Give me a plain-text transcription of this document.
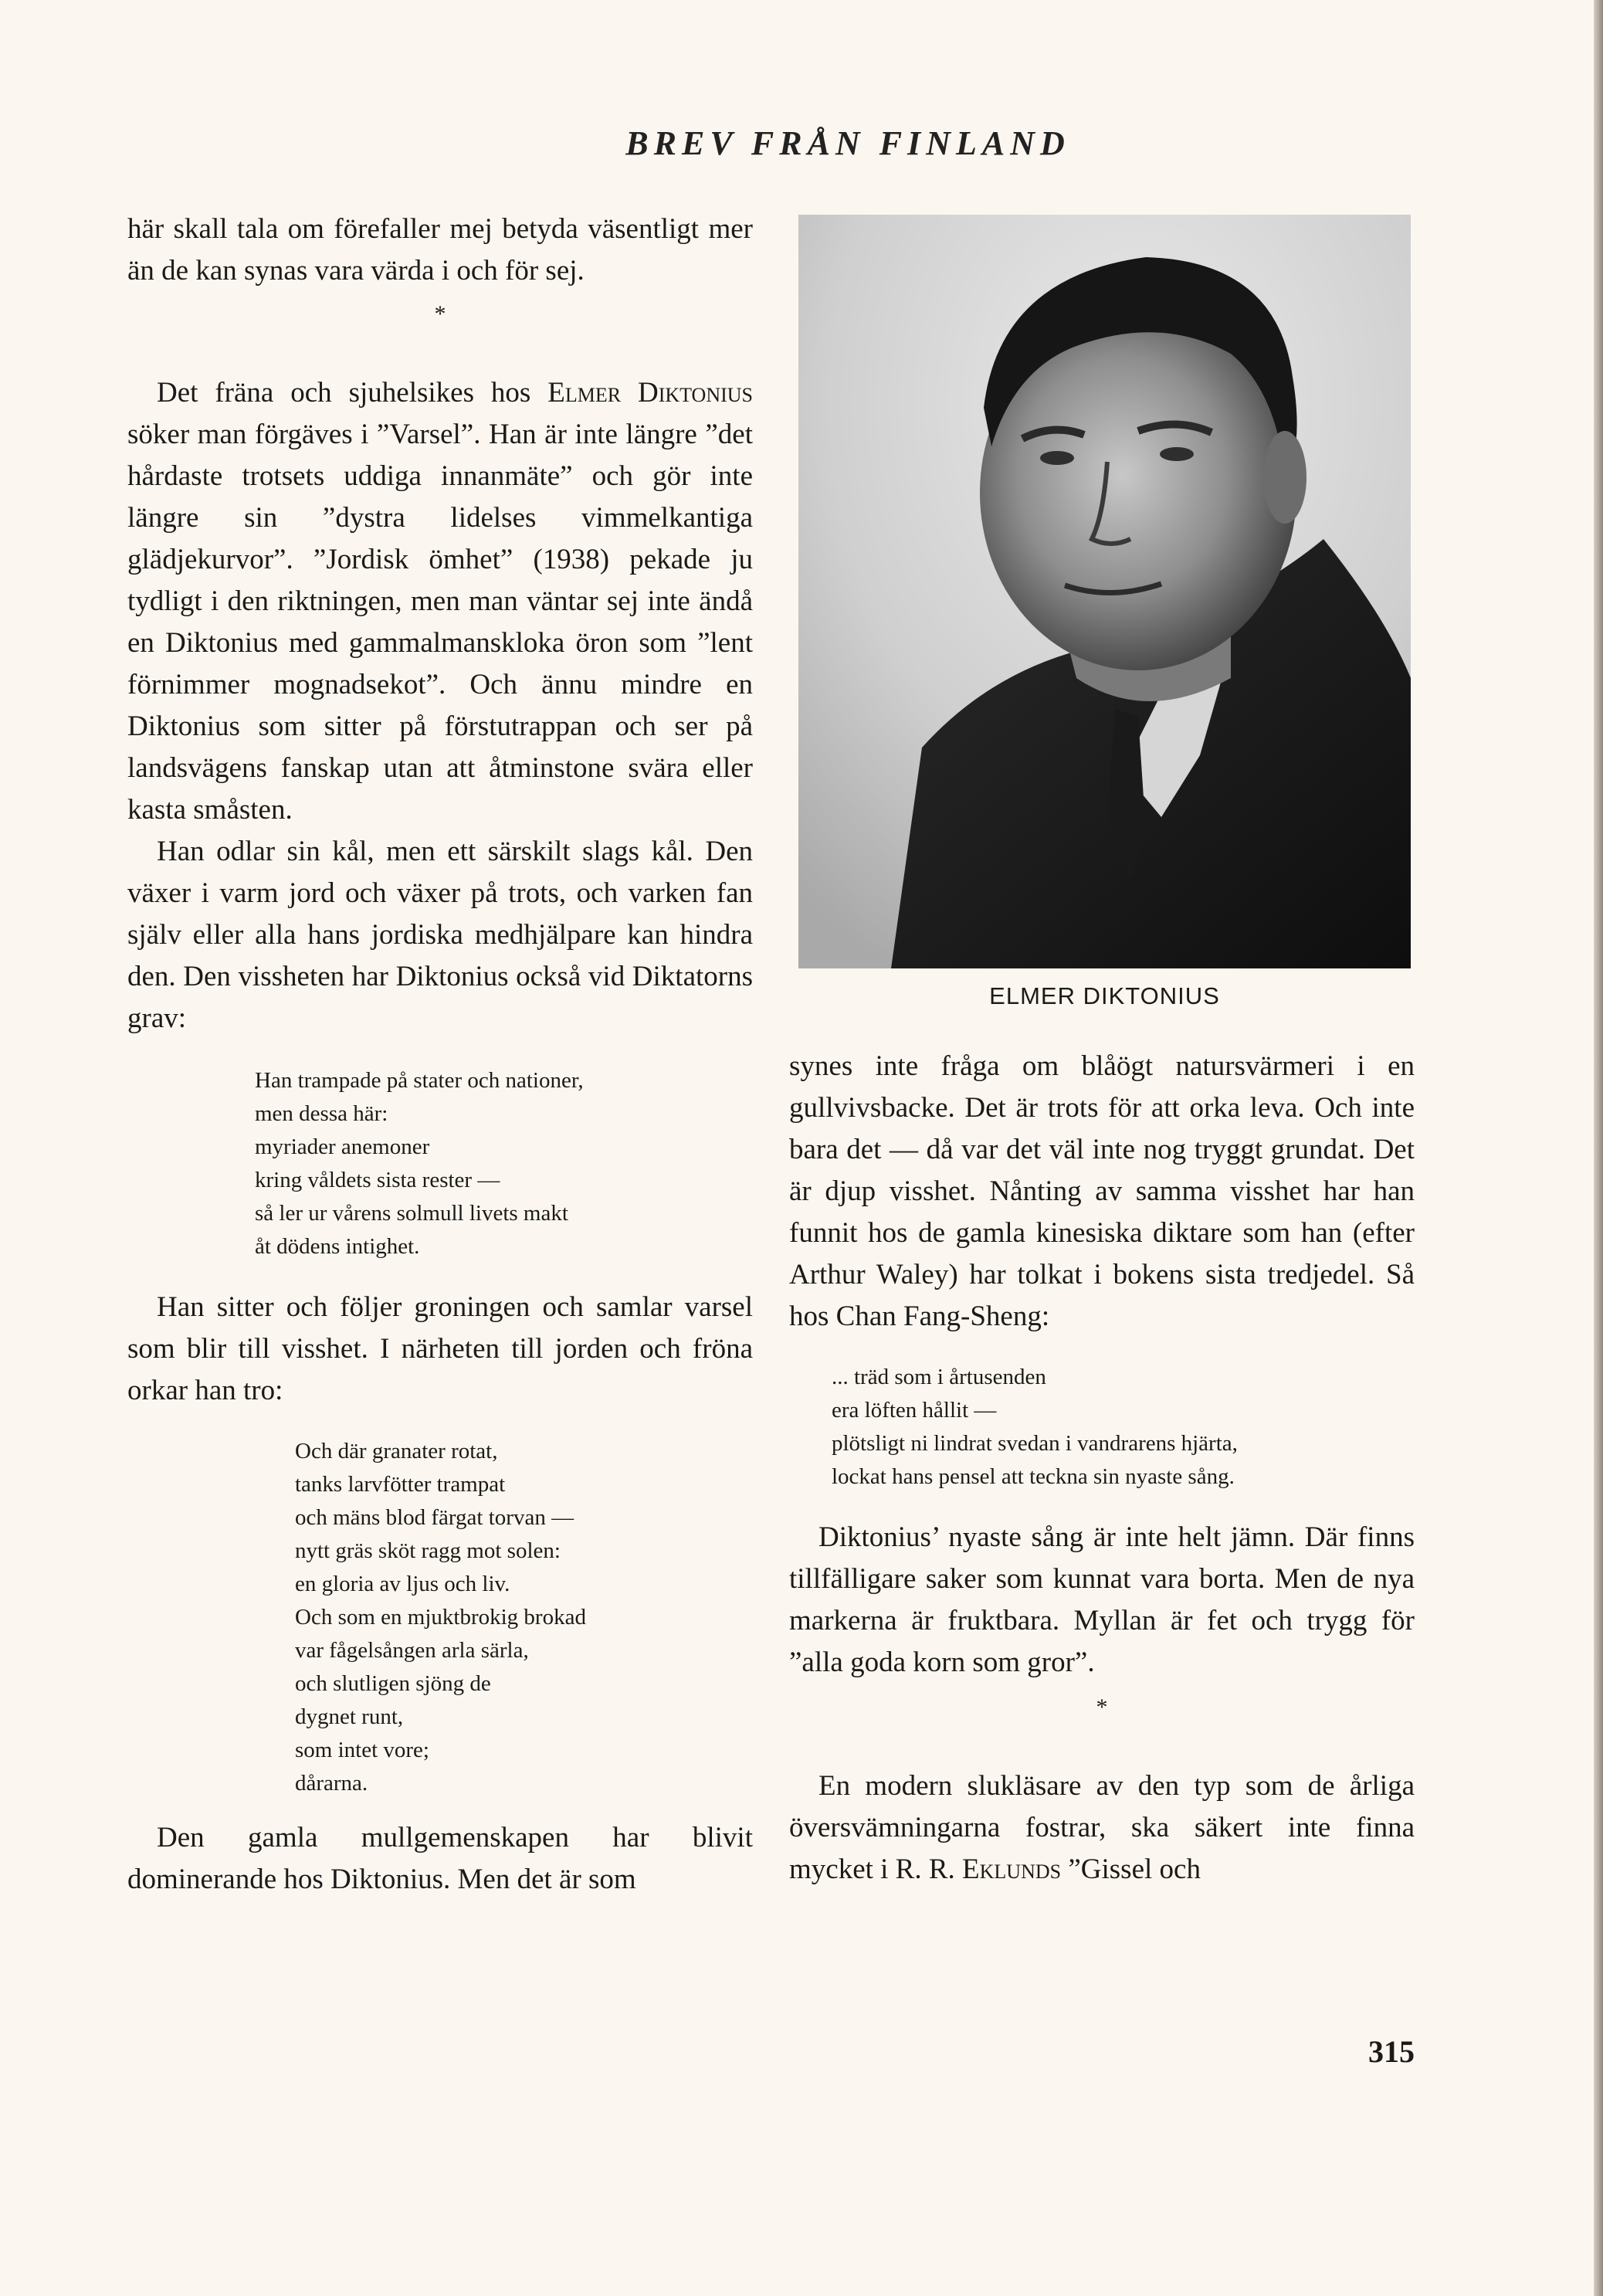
BREV FRÅN FINLAND

här skall tala om förefaller mej betyda väsentligt mer än de kan synas vara värda i och för sej.

*

Det fräna och sjuhelsikes hos Elmer Diktonius söker man förgäves i ”Varsel”. Han är inte längre ”det hårdaste trotsets uddiga innanmäte” och gör inte längre sin ”dystra lidelses vimmelkantiga glädjekurvor”. ”Jordisk ömhet” (1938) pekade ju tydligt i den riktningen, men man väntar sej inte ändå en Diktonius med gammalmanskloka öron som ”lent förnimmer mognadsekot”. Och ännu mindre en Diktonius som sitter på förstutrappan och ser på landsvägens fanskap utan att åtminstone svära eller kasta småsten.

Han odlar sin kål, men ett särskilt slags kål. Den växer i varm jord och växer på trots, och varken fan själv eller alla hans jordiska medhjälpare kan hindra den. Den vissheten har Diktonius också vid Diktatorns grav:

Han trampade på stater och nationer,
men dessa här:
myriader anemoner
kring våldets sista rester —
så ler ur vårens solmull livets makt
åt dödens intighet.

Han sitter och följer groningen och samlar varsel som blir till visshet. I närheten till jorden och fröna orkar han tro:

Och där granater rotat,
tanks larvfötter trampat
och mäns blod färgat torvan —
nytt gräs sköt ragg mot solen:
en gloria av ljus och liv.
Och som en mjuktbrokig brokad
var fågelsången arla särla,
och slutligen sjöng de
dygnet runt,
som intet vore;
dårarna.

Den gamla mullgemenskapen har blivit dominerande hos Diktonius. Men det är som

ELMER DIKTONIUS

synes inte fråga om blåögt natursvärmeri i en gullvivsbacke. Det är trots för att orka leva. Och inte bara det — då var det väl inte nog tryggt grundat. Det är djup visshet. Nånting av samma visshet har han funnit hos de gamla kinesiska diktare som han (efter Arthur Waley) har tolkat i bokens sista tredjedel. Så hos Chan Fang-Sheng:

... träd som i årtusenden
era löften hållit —
plötsligt ni lindrat svedan i vandrarens hjärta,
lockat hans pensel att teckna sin nyaste sång.

Diktonius’ nyaste sång är inte helt jämn. Där finns tillfälligare saker som kunnat vara borta. Men de nya markerna är fruktbara. Myllan är fet och trygg för ”alla goda korn som gror”.

*

En modern slukläsare av den typ som de årliga översvämningarna fostrar, ska säkert inte finna mycket i R. R. Eklunds ”Gissel och

315
